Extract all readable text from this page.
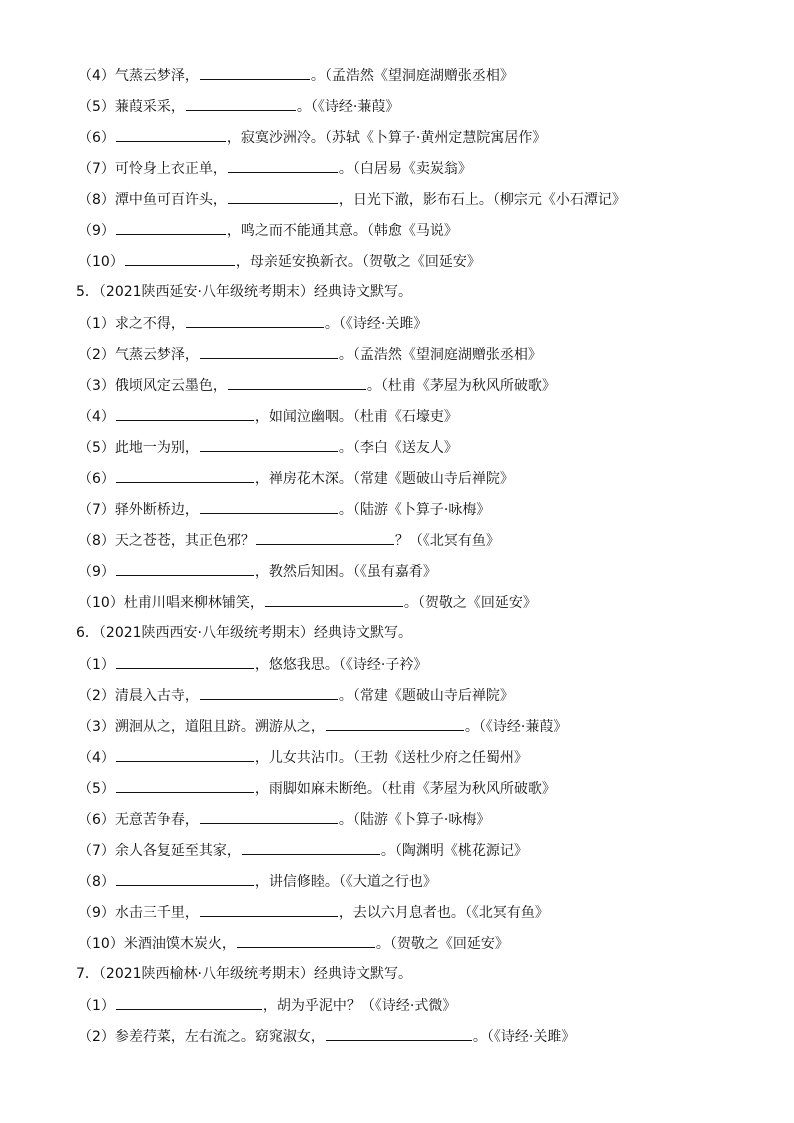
（4）气蒸云梦泽，	。（孟浩然《望洞庭湖赠张丞相》
（5）蒹葭采采，	。（《诗经·蒹葭》
（6）	，寂寞沙洲冷。（苏轼《卜算子·黄州定慧院寓居作》
（7）可怜身上衣正单，	。（白居易《卖炭翁》
（8）潭中鱼可百许头，	，日光下澈，影布石上。（柳宗元《小石潭记》
（9）	，鸣之而不能通其意。（韩愈《马说》
（10）	，母亲延安换新衣。（贺敬之《回延安》
5．（2021陕西延安·八年级统考期末）经典诗文默写。
（1）求之不得，	。（《诗经·关雎》
（2）气蒸云梦泽，	。（孟浩然《望洞庭湖赠张丞相》
（3）俄顷风定云墨色，	。（杜甫《茅屋为秋风所破歌》
（4）	，如闻泣幽咽。（杜甫《石壕吏》
（5）此地一为别，	。（李白《送友人》
（6）	，禅房花木深。（常建《题破山寺后禅院》
（7）驿外断桥边，	。（陆游《卜算子·咏梅》
（8）天之苍苍，其正色邪？	？（《北冥有鱼》
（9）	，教然后知困。（《虽有嘉肴》
（10）杜甫川唱来柳林铺笑，	。（贺敬之《回延安》
6．（2021陕西西安·八年级统考期末）经典诗文默写。
（1）	，悠悠我思。（《诗经·子衿》
（2）清晨入古寺，	。（常建《题破山寺后禅院》
（3）溯洄从之，道阻且跻。溯游从之，	。（《诗经·蒹葭》
（4）	，儿女共沾巾。（王勃《送杜少府之任蜀州》
（5）	，雨脚如麻未断绝。（杜甫《茅屋为秋风所破歌》
（6）无意苦争春，	。（陆游《卜算子·咏梅》
（7）余人各复延至其家，	。（陶渊明《桃花源记》
（8）	，讲信修睦。（《大道之行也》
（9）水击三千里，	，去以六月息者也。（《北冥有鱼》
（10）米酒油馍木炭火，	。（贺敬之《回延安》
7．（2021陕西榆林·八年级统考期末）经典诗文默写。
（1）	，胡为乎泥中？（《诗经·式微》
（2）参差荇菜，左右流之。窈窕淑女，	。（《诗经·关雎》
